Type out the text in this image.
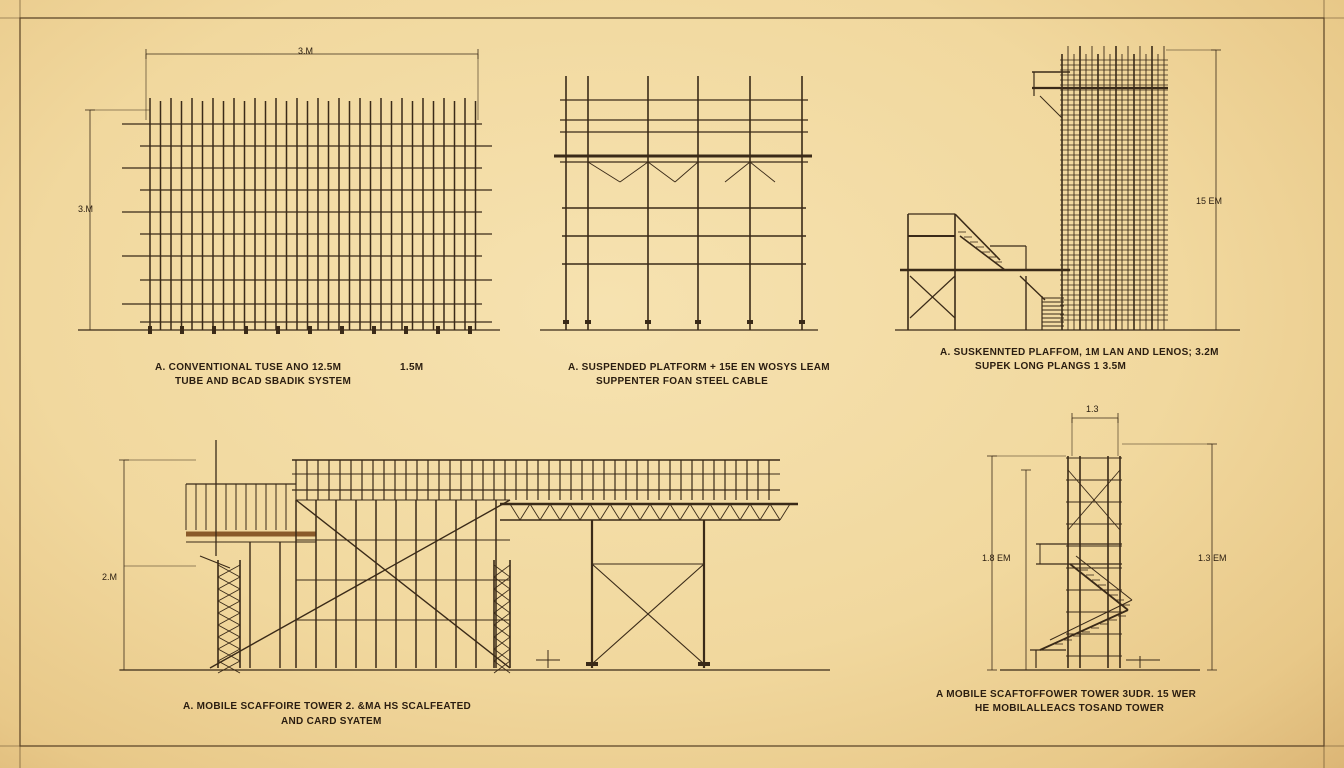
3.M
3.M
A. CONVENTIONAL TUSE ANO 12.5M
TUBE AND BCAD SBADIK SYSTEM
1.5M	A. SUSPENDED PLATFORM + 15E EN WOSYS LEAM
SUPPENTER FOAN STEEL CABLE
15 EM
A. SUSKENNTED PLAFFOM, 1M LAN AND LENOS; 3.2M
SUPEK LONG PLANGS 1 3.5M
2.M
A. MOBILE SCAFFOIRE TOWER 2. &MA HS SCALFEATED
AND CARD SYATEM
1.3
1.8 EM	1.3 EM
A MOBILE SCAFTOFFOWER TOWER 3UDR. 15 WER
HE MOBILALLEACS TOSAND TOWER
